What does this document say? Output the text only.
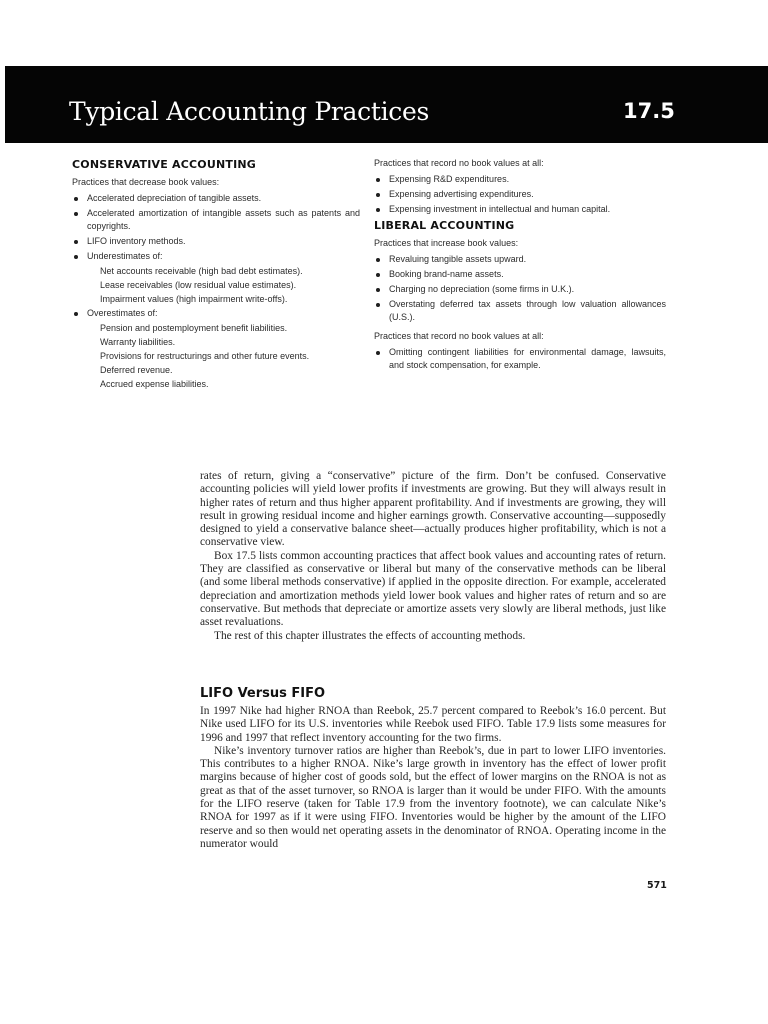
Typical Accounting Practices	17.5
CONSERVATIVE ACCOUNTING
Practices that decrease book values:
Accelerated depreciation of tangible assets.
Accelerated amortization of intangible assets such as patents and copyrights.
LIFO inventory methods.
Underestimates of:
Net accounts receivable (high bad debt estimates).
Lease receivables (low residual value estimates).
Impairment values (high impairment write-offs).
Overestimates of:
Pension and postemployment benefit liabilities.
Warranty liabilities.
Provisions for restructurings and other future events.
Deferred revenue.
Accrued expense liabilities.
Practices that record no book values at all:
Expensing R&D expenditures.
Expensing advertising expenditures.
Expensing investment in intellectual and human capital.
LIBERAL ACCOUNTING
Practices that increase book values:
Revaluing tangible assets upward.
Booking brand-name assets.
Charging no depreciation (some firms in U.K.).
Overstating deferred tax assets through low valuation allowances (U.S.).
Practices that record no book values at all:
Omitting contingent liabilities for environmental damage, lawsuits, and stock compensation, for example.

rates of return, giving a “conservative” picture of the firm. Don’t be confused. Conservative accounting policies will yield lower profits if investments are growing. But they will always result in higher rates of return and thus higher apparent profitability. And if investments are growing, they will result in growing residual income and higher earnings growth. Conservative accounting—supposedly designed to yield a conservative balance sheet—actually produces higher profitability, which is not a conservative view.

Box 17.5 lists common accounting practices that affect book values and accounting rates of return. They are classified as conservative or liberal but many of the conservative methods can be liberal (and some liberal methods conservative) if applied in the opposite direction. For example, accelerated depreciation and amortization methods yield lower book values and higher rates of return and so are conservative. But methods that depreciate or amortize assets very slowly are liberal methods, just like asset revaluations.

The rest of this chapter illustrates the effects of accounting methods.

LIFO Versus FIFO

In 1997 Nike had higher RNOA than Reebok, 25.7 percent compared to Reebok’s 16.0 percent. But Nike used LIFO for its U.S. inventories while Reebok used FIFO. Table 17.9 lists some measures for 1996 and 1997 that reflect inventory accounting for the two firms.

Nike’s inventory turnover ratios are higher than Reebok’s, due in part to lower LIFO inventories. This contributes to a higher RNOA. Nike’s large growth in inventory has the effect of lower profit margins because of higher cost of goods sold, but the effect of lower margins on the RNOA is not as great as that of the asset turnover, so RNOA is larger than it would be under FIFO. With the amounts for the LIFO reserve (taken for Table 17.9 from the inventory footnote), we can calculate Nike’s RNOA for 1997 as if it were using FIFO. Inventories would be higher by the amount of the LIFO reserve and so then would net operating assets in the denominator of RNOA. Operating income in the numerator would

571
